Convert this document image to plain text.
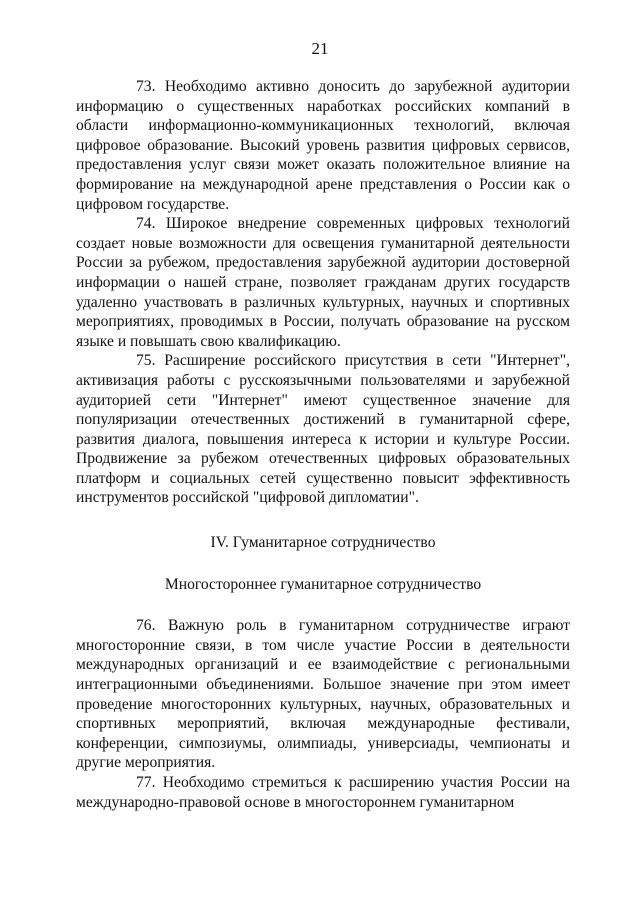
21

73. Необходимо активно доносить до зарубежной аудитории информацию о существенных наработках российских компаний в области информационно-коммуникационных технологий, включая цифровое образование. Высокий уровень развития цифровых сервисов, предоставления услуг связи может оказать положительное влияние на формирование на международной арене представления о России как о цифровом государстве.

74. Широкое внедрение современных цифровых технологий создает новые возможности для освещения гуманитарной деятельности России за рубежом, предоставления зарубежной аудитории достоверной информации о нашей стране, позволяет гражданам других государств удаленно участвовать в различных культурных, научных и спортивных мероприятиях, проводимых в России, получать образование на русском языке и повышать свою квалификацию.

75. Расширение российского присутствия в сети "Интернет", активизация работы с русскоязычными пользователями и зарубежной аудиторией сети "Интернет" имеют существенное значение для популяризации отечественных достижений в гуманитарной сфере, развития диалога, повышения интереса к истории и культуре России. Продвижение за рубежом отечественных цифровых образовательных платформ и социальных сетей существенно повысит эффективность инструментов российской "цифровой дипломатии".

IV. Гуманитарное сотрудничество

Многостороннее гуманитарное сотрудничество

76. Важную роль в гуманитарном сотрудничестве играют многосторонние связи, в том числе участие России в деятельности международных организаций и ее взаимодействие с региональными интеграционными объединениями. Большое значение при этом имеет проведение многосторонних культурных, научных, образовательных и спортивных мероприятий, включая международные фестивали, конференции, симпозиумы, олимпиады, универсиады, чемпионаты и другие мероприятия.

77. Необходимо стремиться к расширению участия России на международно-правовой основе в многостороннем гуманитарном
